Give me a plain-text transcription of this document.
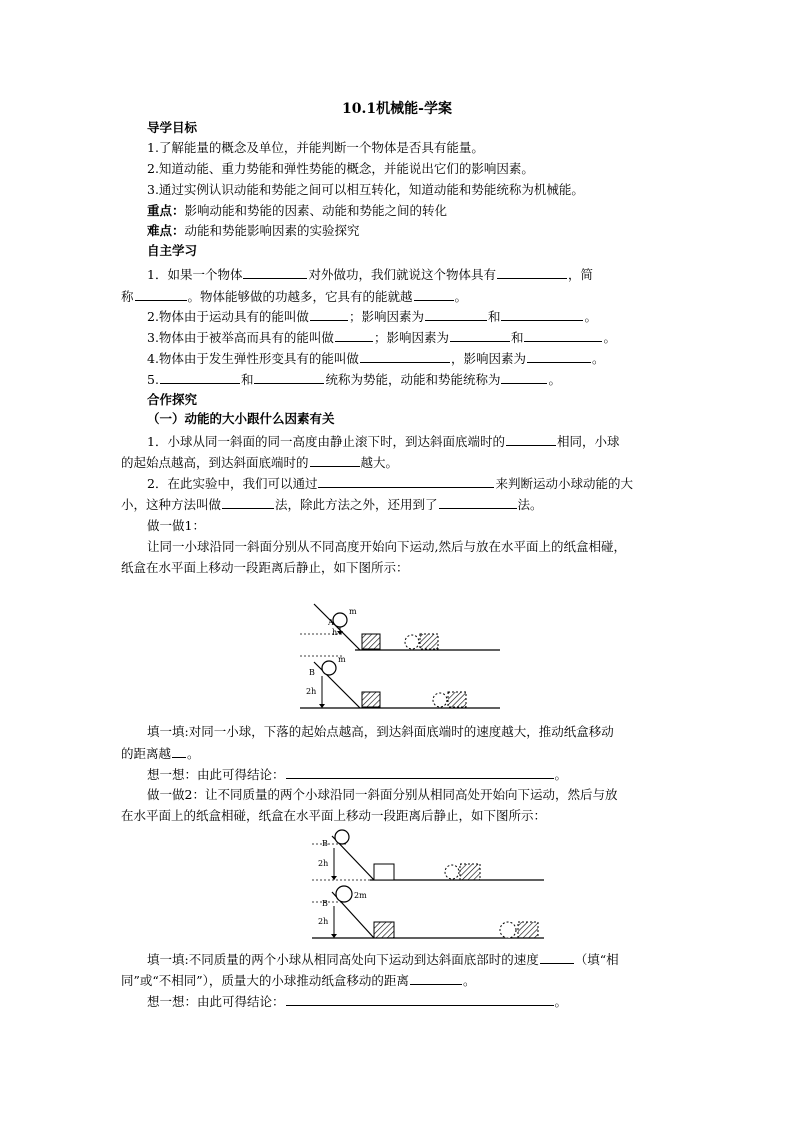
10.1机械能-学案
导学目标
1.了解能量的概念及单位，并能判断一个物体是否具有能量。
2.知道动能、重力势能和弹性势能的概念，并能说出它们的影响因素。
3.通过实例认识动能和势能之间可以相互转化，知道动能和势能统称为机械能。
重点：影响动能和势能的因素、动能和势能之间的转化
难点：动能和势能影响因素的实验探究
自主学习
1．如果一个物体	对外做功，我们就说这个物体具有	，简
称	。物体能够做的功越多，它具有的能就越	。
2.物体由于运动具有的能叫做	；影响因素为	和	。
3.物体由于被举高而具有的能叫做	；影响因素为	和	。
4.物体由于发生弹性形变具有的能叫做	，影响因素为	。
5.	和	统称为势能，动能和势能统称为	。
合作探究
（一）动能的大小跟什么因素有关
1．小球从同一斜面的同一高度由静止滚下时，到达斜面底端时的	相同，小球
的起始点越高，到达斜面底端时的	越大。
2．在此实验中，我们可以通过	来判断运动小球动能的大
小，这种方法叫做	法，除此方法之外，还用到了	法。
做一做1：
让同一小球沿同一斜面分别从不同高度开始向下运动,然后与放在水平面上的纸盒相碰，
纸盒在水平面上移动一段距离后静止，如下图所示：
m
A
h
m
B
2h
填一填:对同一小球，下落的起始点越高，到达斜面底端时的速度越大，推动纸盒移动
的距离越 。
想一想：由此可得结论：	。
做一做2：让不同质量的两个小球沿同一斜面分别从相同高处开始向下运动，然后与放
在水平面上的纸盒相碰，纸盒在水平面上移动一段距离后静止，如下图所示：
B
2h
2m
B
2h
填一填:不同质量的两个小球从相同高处向下运动到达斜面底部时的速度	（填“相
同”或“不相同”），质量大的小球推动纸盒移动的距离	。
想一想：由此可得结论：	。
